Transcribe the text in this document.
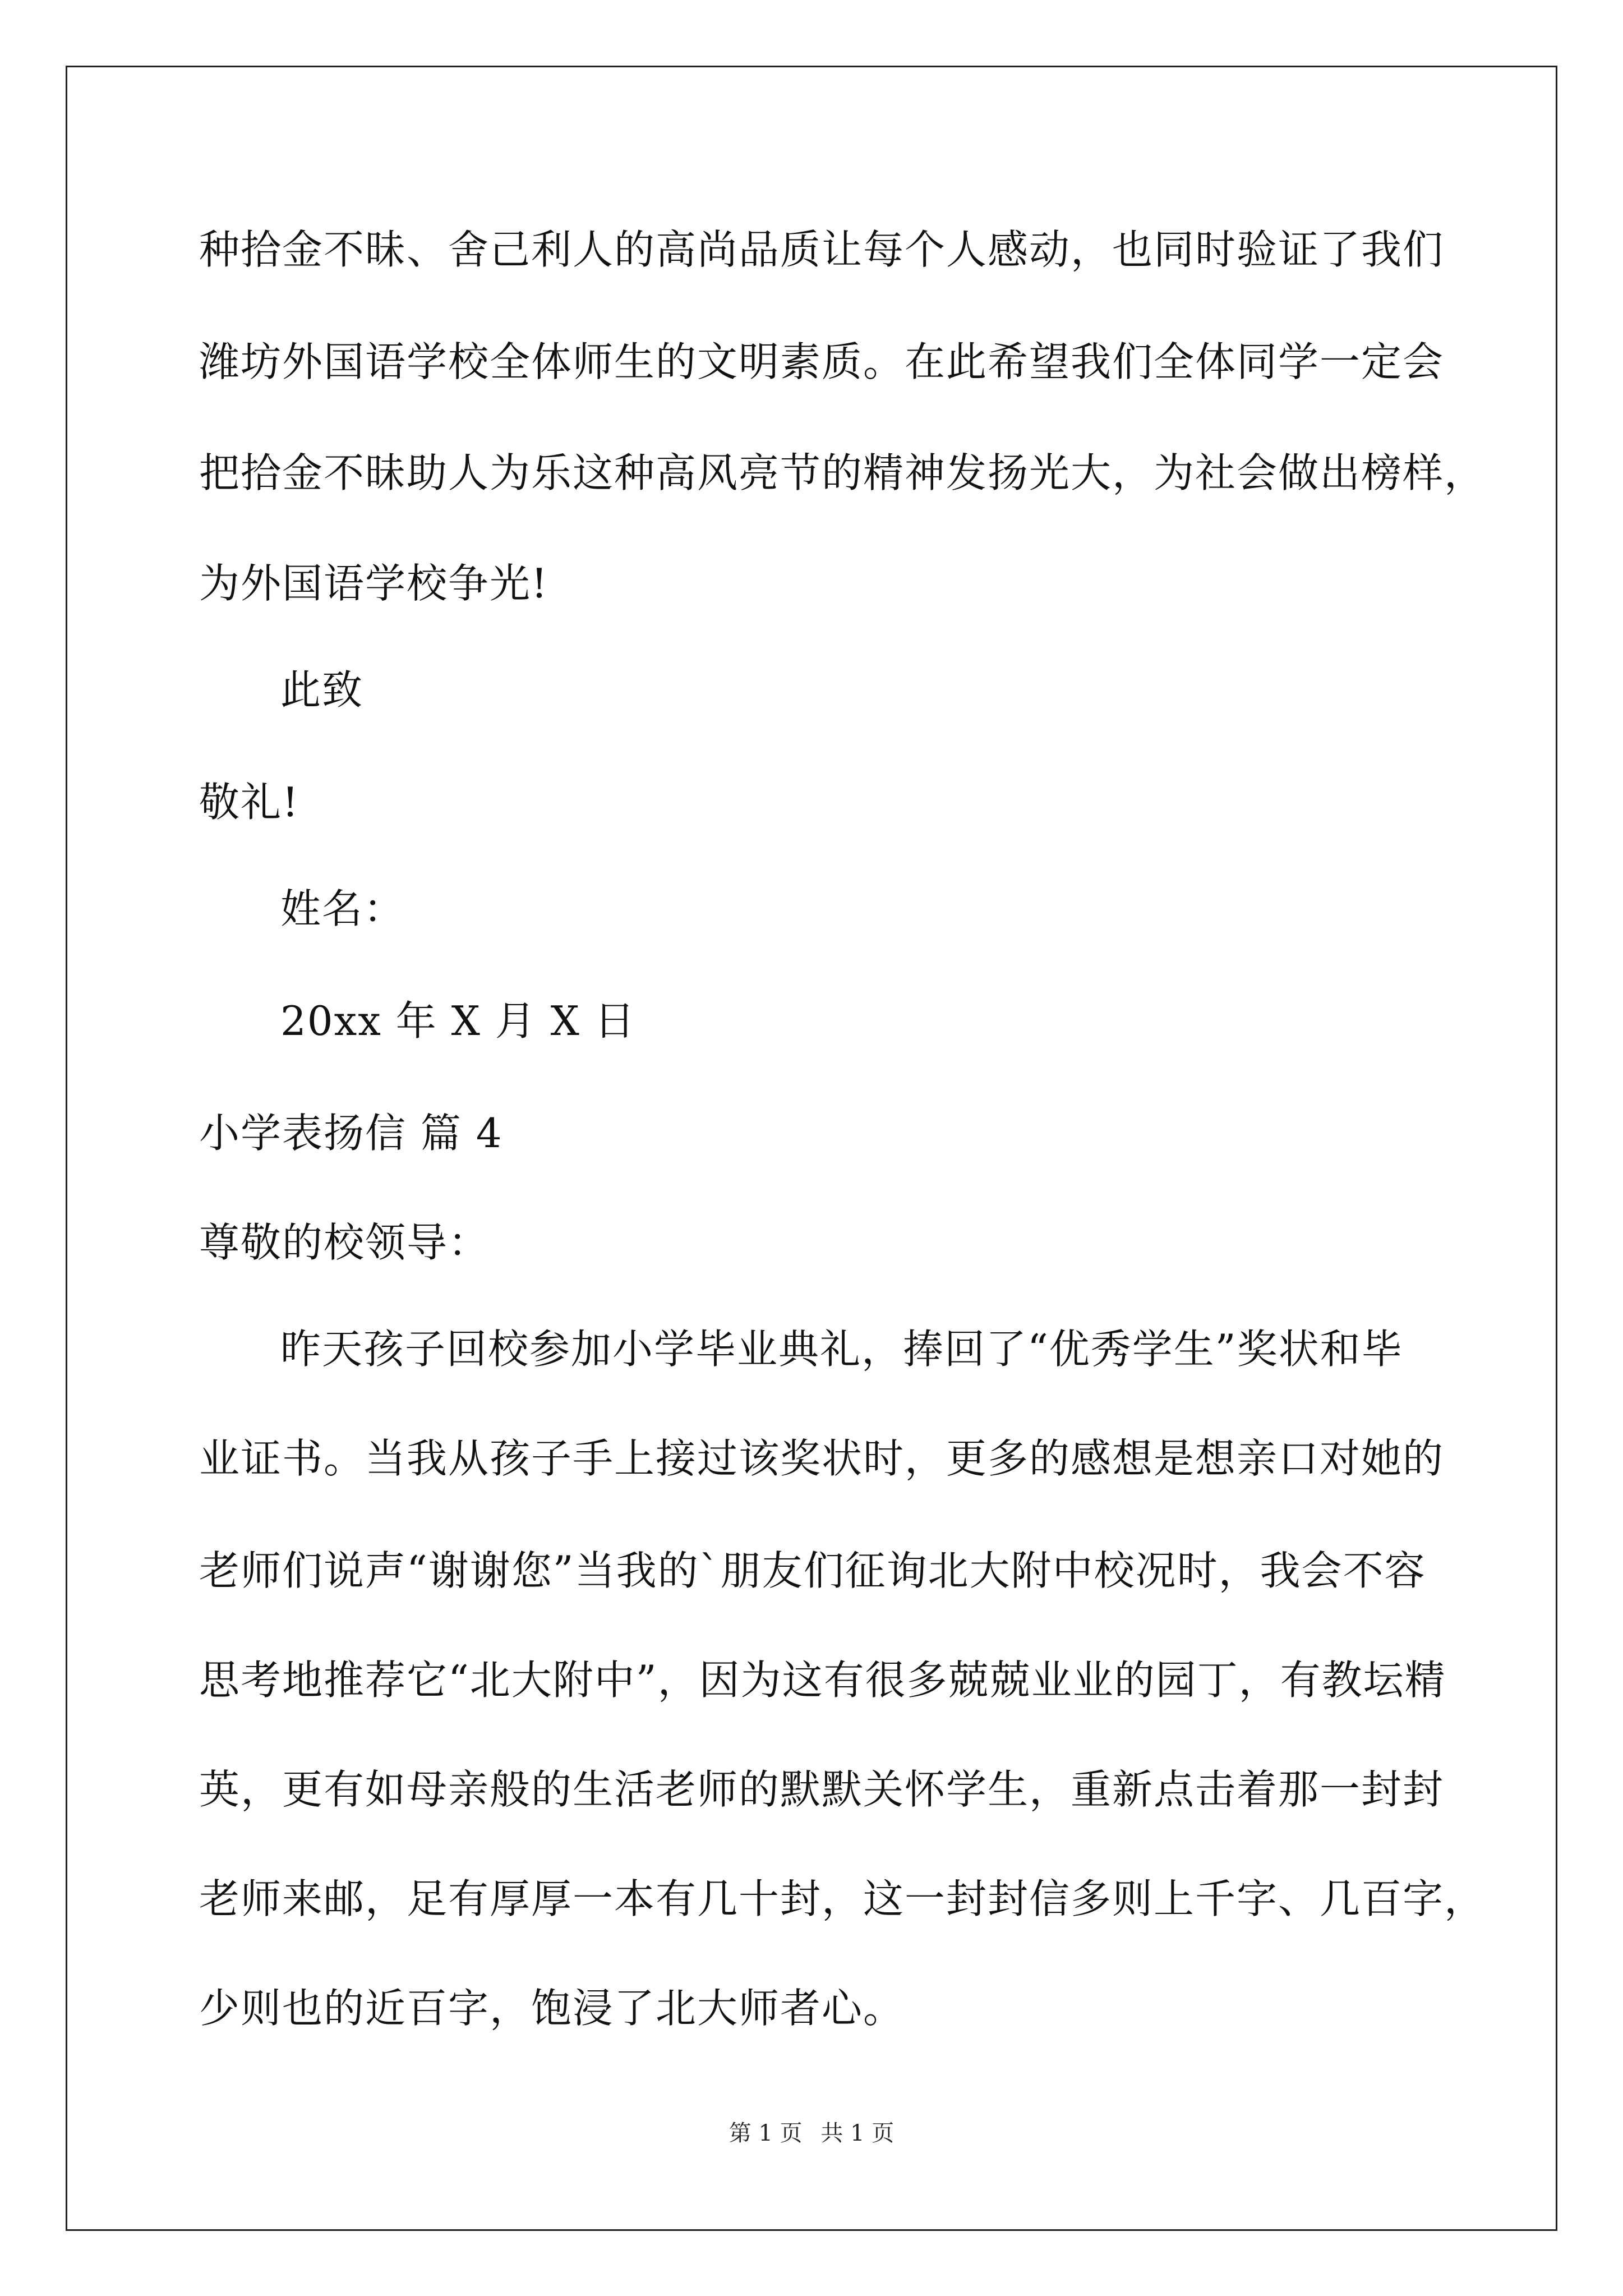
种拾金不昧、舍己利人的高尚品质让每个人感动，也同时验证了我们
潍坊外国语学校全体师生的文明素质。在此希望我们全体同学一定会
把拾金不昧助人为乐这种高风亮节的精神发扬光大，为社会做出榜样，
为外国语学校争光!
此致
敬礼!
姓名：
20xx 年 X 月 X 日
小学表扬信 篇 4
尊敬的校领导：
昨天孩子回校参加小学毕业典礼，捧回了“优秀学生”奖状和毕
业证书。当我从孩子手上接过该奖状时，更多的感想是想亲口对她的
老师们说声“谢谢您”当我的`朋友们征询北大附中校况时，我会不容
思考地推荐它“北大附中”，因为这有很多兢兢业业的园丁，有教坛精
英，更有如母亲般的生活老师的默默关怀学生，重新点击着那一封封
老师来邮，足有厚厚一本有几十封，这一封封信多则上千字、几百字，
少则也的近百字，饱浸了北大师者心。
第 1 页 共 1 页
